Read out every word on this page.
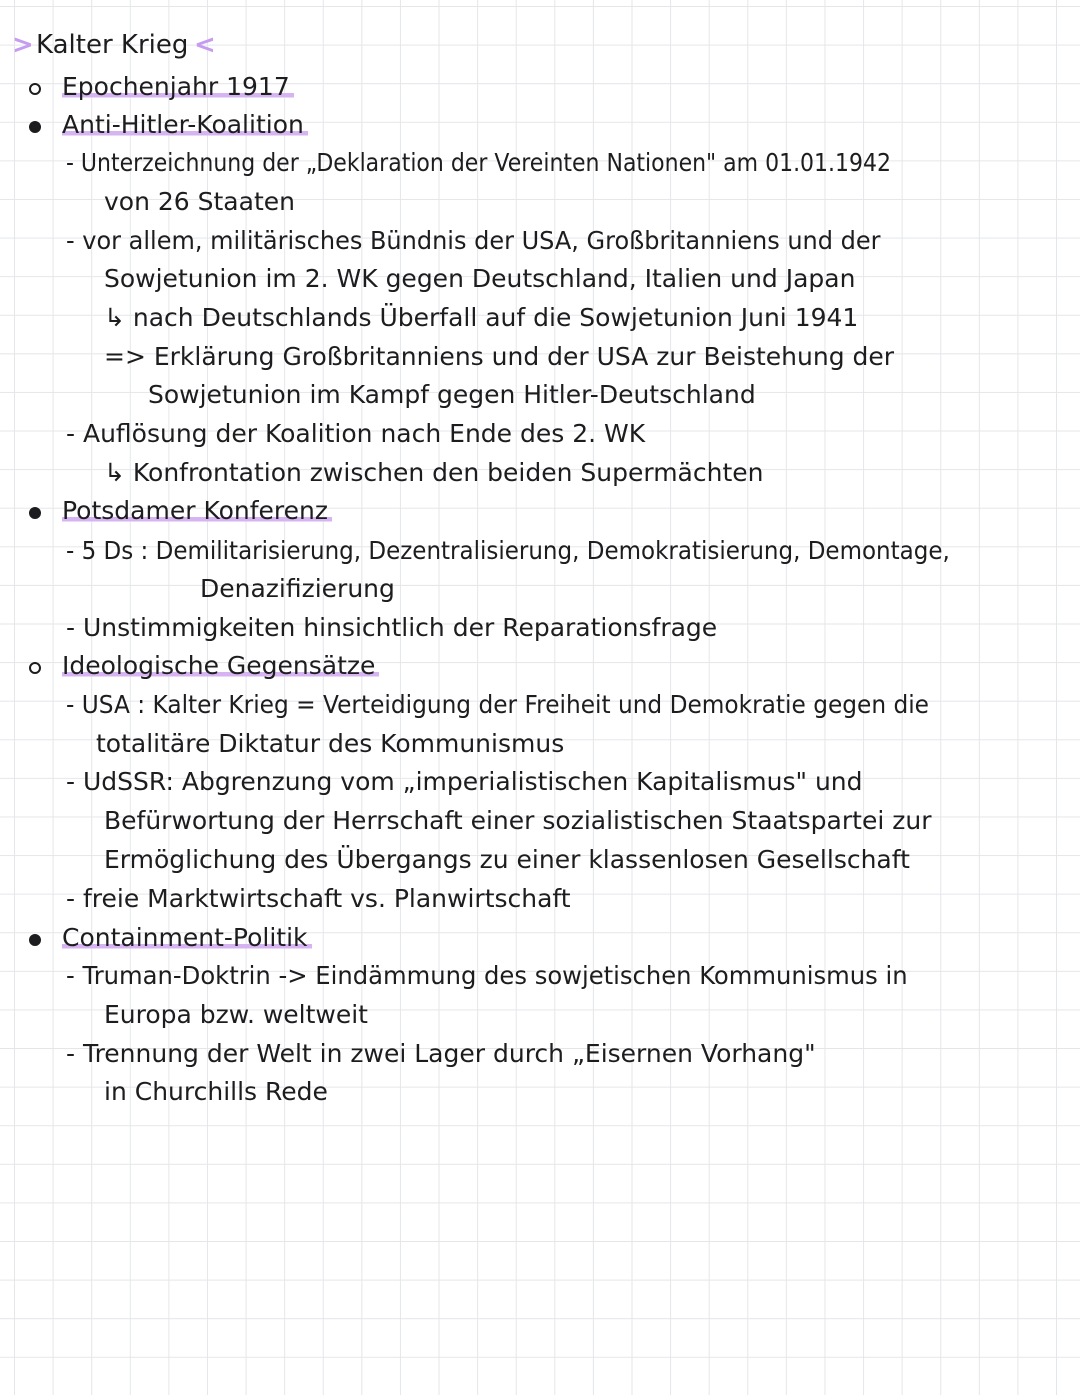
> Kalter Krieg <
Epochenjahr 1917
Anti-Hitler-Koalition
- Unterzeichnung der „Deklaration der Vereinten Nationen" am 01.01.1942
von 26 Staaten
- vor allem, militärisches Bündnis der USA, Großbritanniens und der
Sowjetunion im 2. WK gegen Deutschland, Italien und Japan
↳ nach Deutschlands Überfall auf die Sowjetunion Juni 1941
=> Erklärung Großbritanniens und der USA zur Beistehung der
Sowjetunion im Kampf gegen Hitler-Deutschland
- Auflösung der Koalition nach Ende des 2. WK
↳ Konfrontation zwischen den beiden Supermächten
Potsdamer Konferenz
- 5 Ds : Demilitarisierung, Dezentralisierung, Demokratisierung, Demontage,
Denazifizierung
- Unstimmigkeiten hinsichtlich der Reparationsfrage
Ideologische Gegensätze
- USA : Kalter Krieg = Verteidigung der Freiheit und Demokratie gegen die
totalitäre Diktatur des Kommunismus
- UdSSR: Abgrenzung vom „imperialistischen Kapitalismus" und
Befürwortung der Herrschaft einer sozialistischen Staatspartei zur
Ermöglichung des Übergangs zu einer klassenlosen Gesellschaft
- freie Marktwirtschaft vs. Planwirtschaft
Containment-Politik
- Truman-Doktrin -> Eindämmung des sowjetischen Kommunismus in
Europa bzw. weltweit
- Trennung der Welt in zwei Lager durch „Eisernen Vorhang"
in Churchills Rede
